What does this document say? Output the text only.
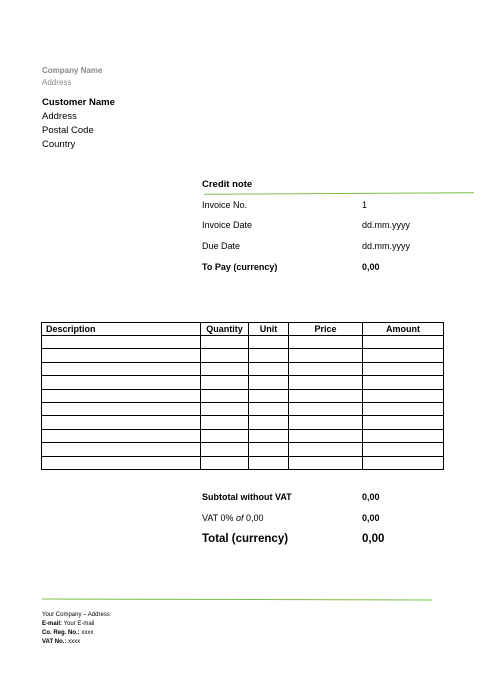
Company Name
Address
Customer Name
Address
Postal Code
Country
Credit note
Invoice No.	1
Invoice Date	dd.mm.yyyy
Due Date	dd.mm.yyyy
To Pay (currency)	0,00
Description	Quantity	Unit	Price	Amount

Subtotal without VAT	0,00
VAT 0% of 0,00	0,00
Total (currency)	0,00
Your Company – Address
E-mail: Your E-mail
Co. Reg. No.: xxxx
VAT No.: xxxx
